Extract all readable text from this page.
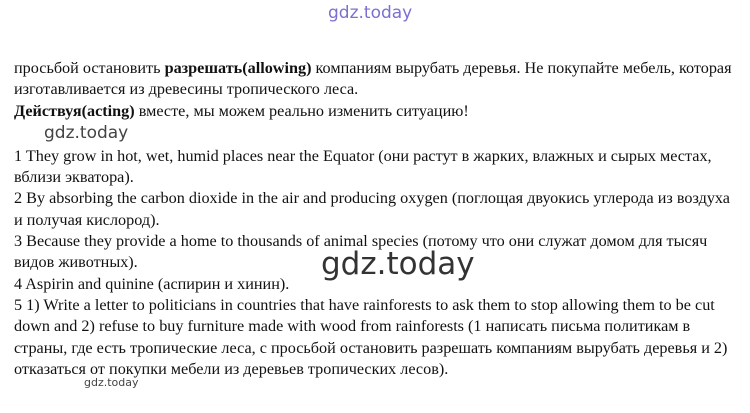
gdz.today

просьбой остановить разрешать(allowing) компаниям вырубать деревья. Не покупайте мебель, которая изготавливается из древесины тропического леса.

Действуя(acting) вместе, мы можем реально изменить ситуацию!

1 They grow in hot, wet, humid places near the Equator (они растут в жарких, влажных и сырых местах, вблизи экватора).

2 By absorbing the carbon dioxide in the air and producing oxygen (поглощая двуокись углерода из воздуха и получая кислород).

3 Because they provide a home to thousands of animal species (потому что они служат домом для тысяч видов животных).

4 Aspirin and quinine (аспирин и хинин).

5 1) Write a letter to politicians in countries that have rainforests to ask them to stop allowing them to be cut down and 2) refuse to buy furniture made with wood from rainforests (1 написать письма политикам в страны, где есть тропические леса, с просьбой остановить разрешать компаниям вырубать деревья и 2) отказаться от покупки мебели из деревьев тропических лесов).

gdz.today
gdz.today
gdz.today
